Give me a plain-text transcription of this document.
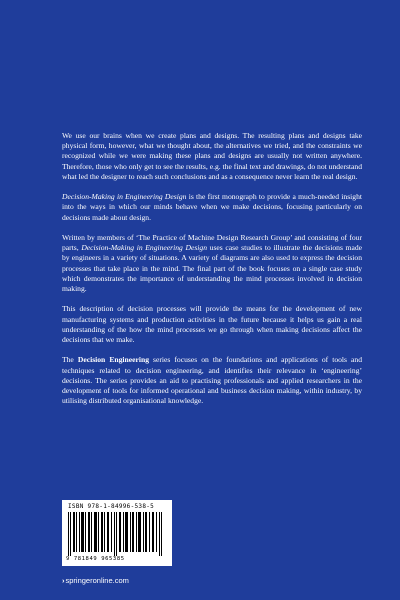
We use our brains when we create plans and designs. The resulting plans and designs take physical form, however, what we thought about, the alternatives we tried, and the constraints we recognized while we were making these plans and designs are usually not written anywhere. Therefore, those who only get to see the results, e.g. the final text and drawings, do not understand what led the designer to reach such conclusions and as a consequence never learn the real design.

Decision-Making in Engineering Design is the first monograph to provide a much-needed insight into the ways in which our minds behave when we make decisions, focusing particularly on decisions made about design.

Written by members of ‘The Practice of Machine Design Research Group’ and consisting of four parts, Decision-Making in Engineering Design uses case studies to illustrate the decisions made by engineers in a variety of situations. A variety of diagrams are also used to express the decision processes that take place in the mind. The final part of the book focuses on a single case study which demonstrates the importance of understanding the mind processes involved in decision making.

This description of decision processes will provide the means for the development of new manufacturing systems and production activities in the future because it helps us gain a real understanding of the how the mind processes we go through when making decisions affect the decisions that we make.

The Decision Engineering series focuses on the foundations and applications of tools and techniques related to decision engineering, and identifies their relevance in ‘engineering’ decisions. The series provides an aid to practising professionals and applied researchers in the development of tools for informed operational and business decision making, within industry, by utilising distributed organisational knowledge.

ISBN 978-1-84996-538-5
9 781849 965385
›springeronline.com
